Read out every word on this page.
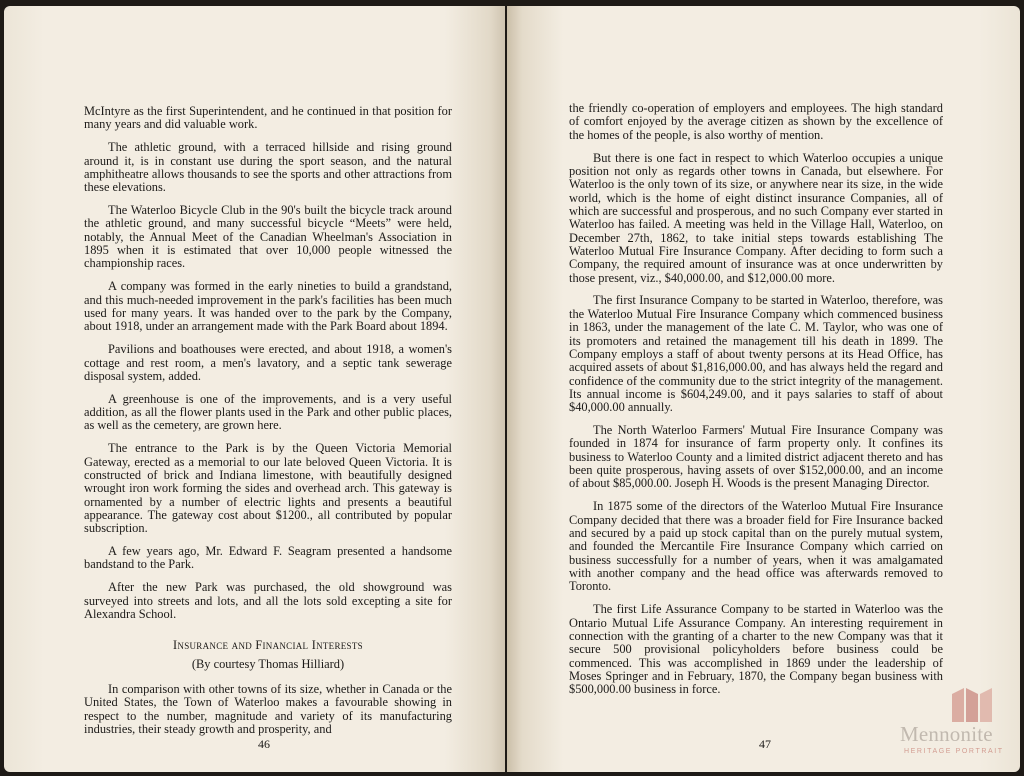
McIntyre as the first Superintendent, and he continued in that position for many years and did valuable work.

The athletic ground, with a terraced hillside and rising ground around it, is in constant use during the sport season, and the natural amphitheatre allows thousands to see the sports and other attractions from these elevations.

The Waterloo Bicycle Club in the 90's built the bicycle track around the athletic ground, and many successful bicycle “Meets” were held, notably, the Annual Meet of the Canadian Wheelman's Association in 1895 when it is estimated that over 10,000 people witnessed the championship races.

A company was formed in the early nineties to build a grandstand, and this much-needed improvement in the park's facilities has been much used for many years. It was handed over to the park by the Company, about 1918, under an arrangement made with the Park Board about 1894.

Pavilions and boathouses were erected, and about 1918, a women's cottage and rest room, a men's lavatory, and a septic tank sewerage disposal system, added.

A greenhouse is one of the improvements, and is a very useful addition, as all the flower plants used in the Park and other public places, as well as the cemetery, are grown here.

The entrance to the Park is by the Queen Victoria Memorial Gateway, erected as a memorial to our late beloved Queen Victoria. It is constructed of brick and Indiana limestone, with beautifully designed wrought iron work forming the sides and overhead arch. This gateway is ornamented by a number of electric lights and presents a beautiful appearance. The gateway cost about $1200., all contributed by popular subscription.

A few years ago, Mr. Edward F. Seagram presented a handsome bandstand to the Park.

After the new Park was purchased, the old showground was surveyed into streets and lots, and all the lots sold excepting a site for Alexandra School.

Insurance and Financial Interests
(By courtesy Thomas Hilliard)

In comparison with other towns of its size, whether in Canada or the United States, the Town of Waterloo makes a favourable showing in respect to the number, magnitude and variety of its manufacturing industries, their steady growth and prosperity, and

46

the friendly co-operation of employers and employees. The high standard of comfort enjoyed by the average citizen as shown by the excellence of the homes of the people, is also worthy of mention.

But there is one fact in respect to which Waterloo occupies a unique position not only as regards other towns in Canada, but elsewhere. For Waterloo is the only town of its size, or anywhere near its size, in the wide world, which is the home of eight distinct insurance Companies, all of which are successful and prosperous, and no such Company ever started in Waterloo has failed. A meeting was held in the Village Hall, Waterloo, on December 27th, 1862, to take initial steps towards establishing The Waterloo Mutual Fire Insurance Company. After deciding to form such a Company, the required amount of insurance was at once underwritten by those present, viz., $40,000.00, and $12,000.00 more.

The first Insurance Company to be started in Waterloo, therefore, was the Waterloo Mutual Fire Insurance Company which commenced business in 1863, under the management of the late C. M. Taylor, who was one of its promoters and retained the management till his death in 1899. The Company employs a staff of about twenty persons at its Head Office, has acquired assets of about $1,816,000.00, and has always held the regard and confidence of the community due to the strict integrity of the management. Its annual income is $604,249.00, and it pays salaries to staff of about $40,000.00 annually.

The North Waterloo Farmers' Mutual Fire Insurance Company was founded in 1874 for insurance of farm property only. It confines its business to Waterloo County and a limited district adjacent thereto and has been quite prosperous, having assets of over $152,000.00, and an income of about $85,000.00. Joseph H. Woods is the present Managing Director.

In 1875 some of the directors of the Waterloo Mutual Fire Insurance Company decided that there was a broader field for Fire Insurance backed and secured by a paid up stock capital than on the purely mutual system, and founded the Mercantile Fire Insurance Company which carried on business successfully for a number of years, when it was amalgamated with another company and the head office was afterwards removed to Toronto.

The first Life Assurance Company to be started in Waterloo was the Ontario Mutual Life Assurance Company. An interesting requirement in connection with the granting of a charter to the new Company was that it secure 500 provisional policyholders before business could be commenced. This was accomplished in 1869 under the leadership of Moses Springer and in February, 1870, the Company began business with $500,000.00 business in force.

47	Mennonite
HERITAGE PORTRAIT
